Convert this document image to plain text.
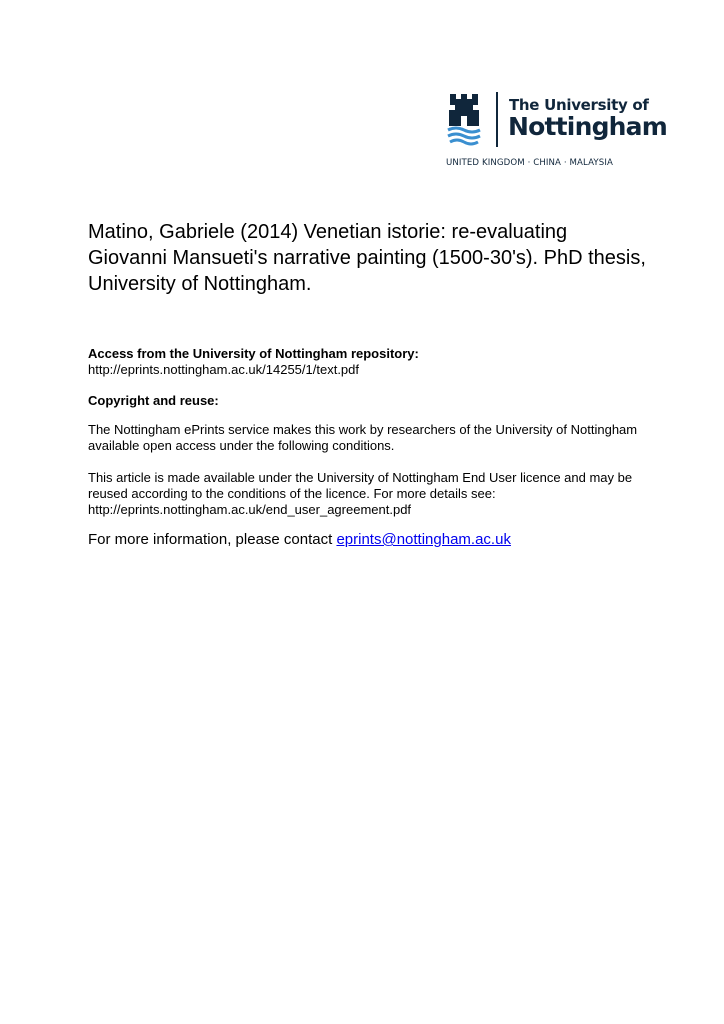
The University of
Nottingham
UNITED KINGDOM · CHINA · MALAYSIA
Matino, Gabriele (2014) Venetian istorie: re-evaluating Giovanni Mansueti's narrative painting (1500-30's). PhD thesis, University of Nottingham.
Access from the University of Nottingham repository:
http://eprints.nottingham.ac.uk/14255/1/text.pdf
Copyright and reuse:
The Nottingham ePrints service makes this work by researchers of the University of Nottingham available open access under the following conditions.
This article is made available under the University of Nottingham End User licence and may be reused according to the conditions of the licence. For more details see:
http://eprints.nottingham.ac.uk/end_user_agreement.pdf
For more information, please contact eprints@nottingham.ac.uk
